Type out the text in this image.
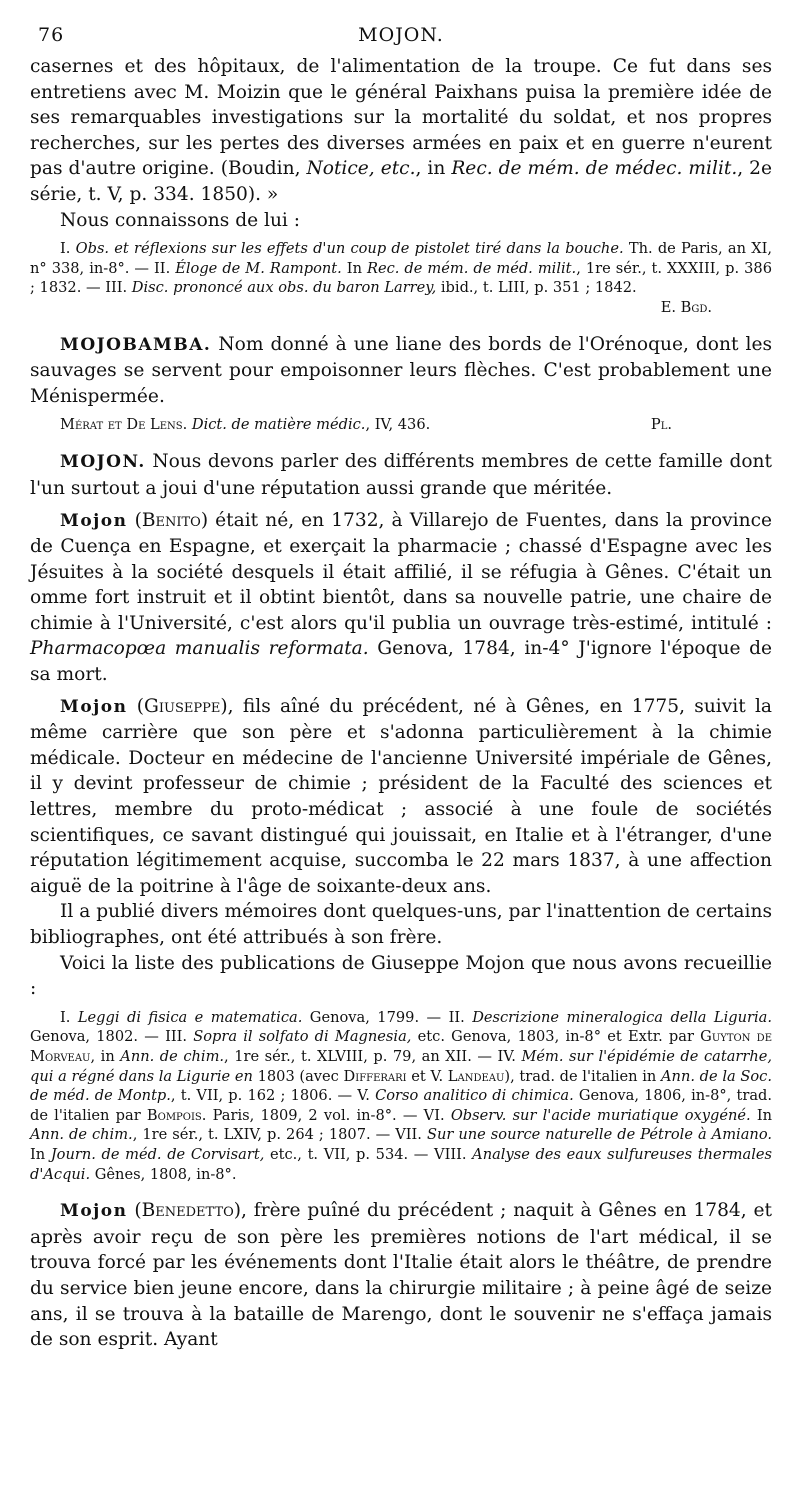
76	MOJON.

casernes et des hôpitaux, de l'alimentation de la troupe. Ce fut dans ses entretiens avec M. Moizin que le général Paixhans puisa la première idée de ses remarquables investigations sur la mortalité du soldat, et nos propres recherches, sur les pertes des diverses armées en paix et en guerre n'eurent pas d'autre origine. (Boudin, Notice, etc., in Rec. de mém. de médec. milit., 2e série, t. V, p. 334. 1850). »

Nous connaissons de lui :

I. Obs. et réflexions sur les effets d'un coup de pistolet tiré dans la bouche. Th. de Paris, an XI, n° 338, in-8°. — II. Éloge de M. Rampont. In Rec. de mém. de méd. milit., 1re sér., t. XXXIII, p. 386 ; 1832. — III. Disc. prononcé aux obs. du baron Larrey, ibid., t. LIII, p. 351 ; 1842.

E. Bgd.

MOJOBAMBA. Nom donné à une liane des bords de l'Orénoque, dont les sauvages se servent pour empoisonner leurs flèches. C'est probablement une Ménispermée.

Mérat et De Lens. Dict. de matière médic., IV, 436.	Pl.

MOJON. Nous devons parler des différents membres de cette famille dont l'un surtout a joui d'une réputation aussi grande que méritée.

Mojon (Benito) était né, en 1732, à Villarejo de Fuentes, dans la province de Cuença en Espagne, et exerçait la pharmacie ; chassé d'Espagne avec les Jésuites à la société desquels il était affilié, il se réfugia à Gênes. C'était un omme fort instruit et il obtint bientôt, dans sa nouvelle patrie, une chaire de chimie à l'Université, c'est alors qu'il publia un ouvrage très-estimé, intitulé : Pharmacopœa manualis reformata. Genova, 1784, in-4° J'ignore l'époque de sa mort.

Mojon (Giuseppe), fils aîné du précédent, né à Gênes, en 1775, suivit la même carrière que son père et s'adonna particulièrement à la chimie médicale. Docteur en médecine de l'ancienne Université impériale de Gênes, il y devint professeur de chimie ; président de la Faculté des sciences et lettres, membre du proto-médicat ; associé à une foule de sociétés scientifiques, ce savant distingué qui jouissait, en Italie et à l'étranger, d'une réputation légitimement acquise, succomba le 22 mars 1837, à une affection aiguë de la poitrine à l'âge de soixante-deux ans.

Il a publié divers mémoires dont quelques-uns, par l'inattention de certains bibliographes, ont été attribués à son frère.

Voici la liste des publications de Giuseppe Mojon que nous avons recueillie :

I. Leggi di fisica e matematica. Genova, 1799. — II. Descrizione mineralogica della Liguria. Genova, 1802. — III. Sopra il solfato di Magnesia, etc. Genova, 1803, in-8° et Extr. par Guyton de Morveau, in Ann. de chim., 1re sér., t. XLVIII, p. 79, an XII. — IV. Mém. sur l'épidémie de catarrhe, qui a régné dans la Ligurie en 1803 (avec Differari et V. Landeau), trad. de l'italien in Ann. de la Soc. de méd. de Montp., t. VII, p. 162 ; 1806. — V. Corso analitico di chimica. Genova, 1806, in-8°, trad. de l'italien par Bompois. Paris, 1809, 2 vol. in-8°. — VI. Observ. sur l'acide muriatique oxygéné. In Ann. de chim., 1re sér., t. LXIV, p. 264 ; 1807. — VII. Sur une source naturelle de Pétrole à Amiano. In Journ. de méd. de Corvisart, etc., t. VII, p. 534. — VIII. Analyse des eaux sulfureuses thermales d'Acqui. Gênes, 1808, in-8°.

Mojon (Benedetto), frère puîné du précédent ; naquit à Gênes en 1784, et après avoir reçu de son père les premières notions de l'art médical, il se trouva forcé par les événements dont l'Italie était alors le théâtre, de prendre du service bien jeune encore, dans la chirurgie militaire ; à peine âgé de seize ans, il se trouva à la bataille de Marengo, dont le souvenir ne s'effaça jamais de son esprit. Ayant
